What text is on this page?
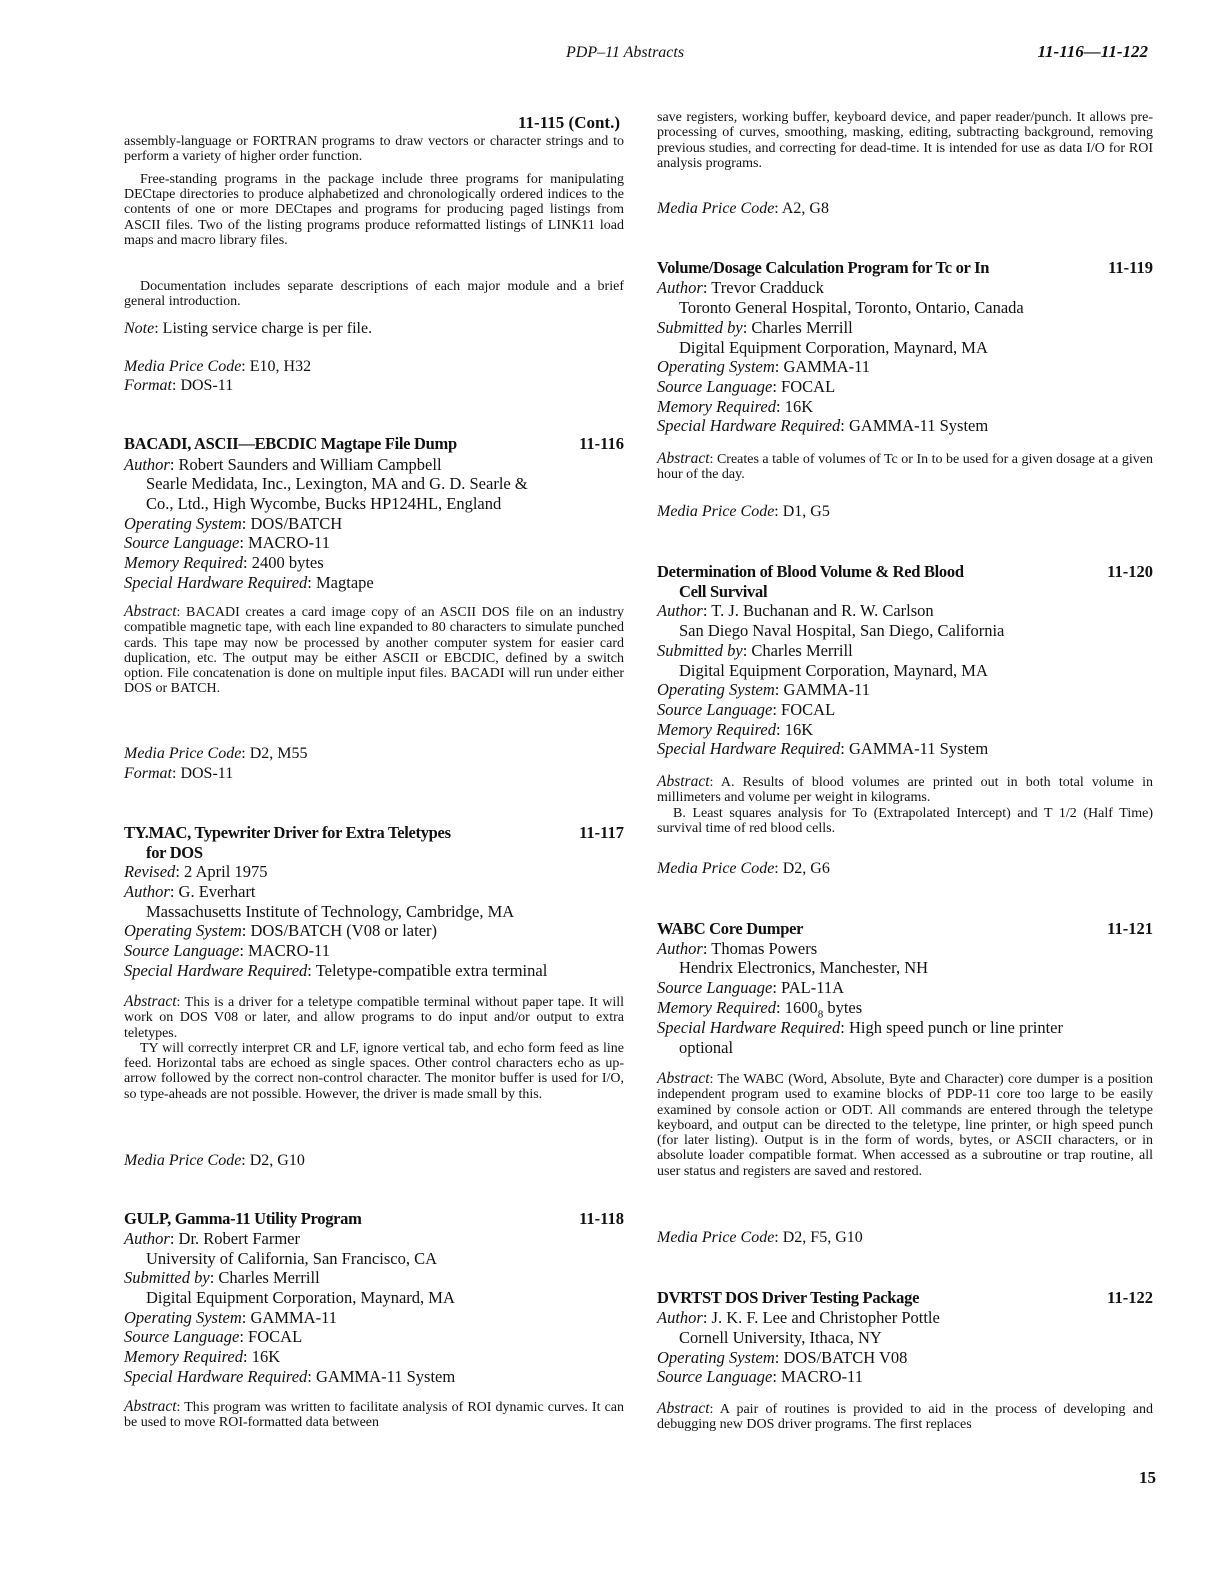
PDP–11 Abstracts	11-116—11-122
11-115 (Cont.)

assembly-language or FORTRAN programs to draw vectors or character strings and to perform a variety of higher order function.

Free-standing programs in the package include three programs for manipulating DECtape directories to produce alphabetized and chronologically ordered indices to the contents of one or more DECtapes and programs for producing paged listings from ASCII files. Two of the listing programs produce reformatted listings of LINK11 load maps and macro library files.

Documentation includes separate descriptions of each major module and a brief general introduction.

Note: Listing service charge is per file.
Media Price Code: E10, H32
Format: DOS-11
BACADI, ASCII—EBCDIC Magtape File Dump	11-116
Author: Robert Saunders and William Campbell
Searle Medidata, Inc., Lexington, MA and G. D. Searle &
Co., Ltd., High Wycombe, Bucks HP124HL, England
Operating System: DOS/BATCH
Source Language: MACRO-11
Memory Required: 2400 bytes
Special Hardware Required: Magtape

Abstract: BACADI creates a card image copy of an ASCII DOS file on an industry compatible magnetic tape, with each line expanded to 80 characters to simulate punched cards. This tape may now be processed by another computer system for easier card duplication, etc. The output may be either ASCII or EBCDIC, defined by a switch option. File concatenation is done on multiple input files. BACADI will run under either DOS or BATCH.

Media Price Code: D2, M55
Format: DOS-11
TY.MAC, Typewriter Driver for Extra Teletypes
for DOS
11-117
Revised: 2 April 1975
Author: G. Everhart
Massachusetts Institute of Technology, Cambridge, MA
Operating System: DOS/BATCH (V08 or later)
Source Language: MACRO-11
Special Hardware Required: Teletype-compatible extra terminal

Abstract: This is a driver for a teletype compatible terminal without paper tape. It will work on DOS V08 or later, and allow programs to do input and/or output to extra teletypes.
TY will correctly interpret CR and LF, ignore vertical tab, and echo form feed as line feed. Horizontal tabs are echoed as single spaces. Other control characters echo as up-arrow followed by the correct non-control character. The monitor buffer is used for I/O, so type-aheads are not possible. However, the driver is made small by this.

Media Price Code: D2, G10
GULP, Gamma-11 Utility Program	11-118
Author: Dr. Robert Farmer
University of California, San Francisco, CA
Submitted by: Charles Merrill
Digital Equipment Corporation, Maynard, MA
Operating System: GAMMA-11
Source Language: FOCAL
Memory Required: 16K
Special Hardware Required: GAMMA-11 System

Abstract: This program was written to facilitate analysis of ROI dynamic curves. It can be used to move ROI-formatted data between

save registers, working buffer, keyboard device, and paper reader/punch. It allows pre-processing of curves, smoothing, masking, editing, subtracting background, removing previous studies, and correcting for dead-time. It is intended for use as data I/O for ROI analysis programs.

Media Price Code: A2, G8
Volume/Dosage Calculation Program for Tc or In	11-119
Author: Trevor Cradduck
Toronto General Hospital, Toronto, Ontario, Canada
Submitted by: Charles Merrill
Digital Equipment Corporation, Maynard, MA
Operating System: GAMMA-11
Source Language: FOCAL
Memory Required: 16K
Special Hardware Required: GAMMA-11 System

Abstract: Creates a table of volumes of Tc or In to be used for a given dosage at a given hour of the day.

Media Price Code: D1, G5
Determination of Blood Volume & Red Blood
Cell Survival
11-120
Author: T. J. Buchanan and R. W. Carlson
San Diego Naval Hospital, San Diego, California
Submitted by: Charles Merrill
Digital Equipment Corporation, Maynard, MA
Operating System: GAMMA-11
Source Language: FOCAL
Memory Required: 16K
Special Hardware Required: GAMMA-11 System

Abstract: A. Results of blood volumes are printed out in both total volume in millimeters and volume per weight in kilograms.
B. Least squares analysis for To (Extrapolated Intercept) and T 1/2 (Half Time) survival time of red blood cells.

Media Price Code: D2, G6
WABC Core Dumper	11-121
Author: Thomas Powers
Hendrix Electronics, Manchester, NH
Source Language: PAL-11A
Memory Required: $1600_8$ bytes
Special Hardware Required: High speed punch or line printer
optional

Abstract: The WABC (Word, Absolute, Byte and Character) core dumper is a position independent program used to examine blocks of PDP-11 core too large to be easily examined by console action or ODT. All commands are entered through the teletype keyboard, and output can be directed to the teletype, line printer, or high speed punch (for later listing). Output is in the form of words, bytes, or ASCII characters, or in absolute loader compatible format. When accessed as a subroutine or trap routine, all user status and registers are saved and restored.

Media Price Code: D2, F5, G10
DVRTST DOS Driver Testing Package	11-122
Author: J. K. F. Lee and Christopher Pottle
Cornell University, Ithaca, NY
Operating System: DOS/BATCH V08
Source Language: MACRO-11

Abstract: A pair of routines is provided to aid in the process of developing and debugging new DOS driver programs. The first replaces

15
